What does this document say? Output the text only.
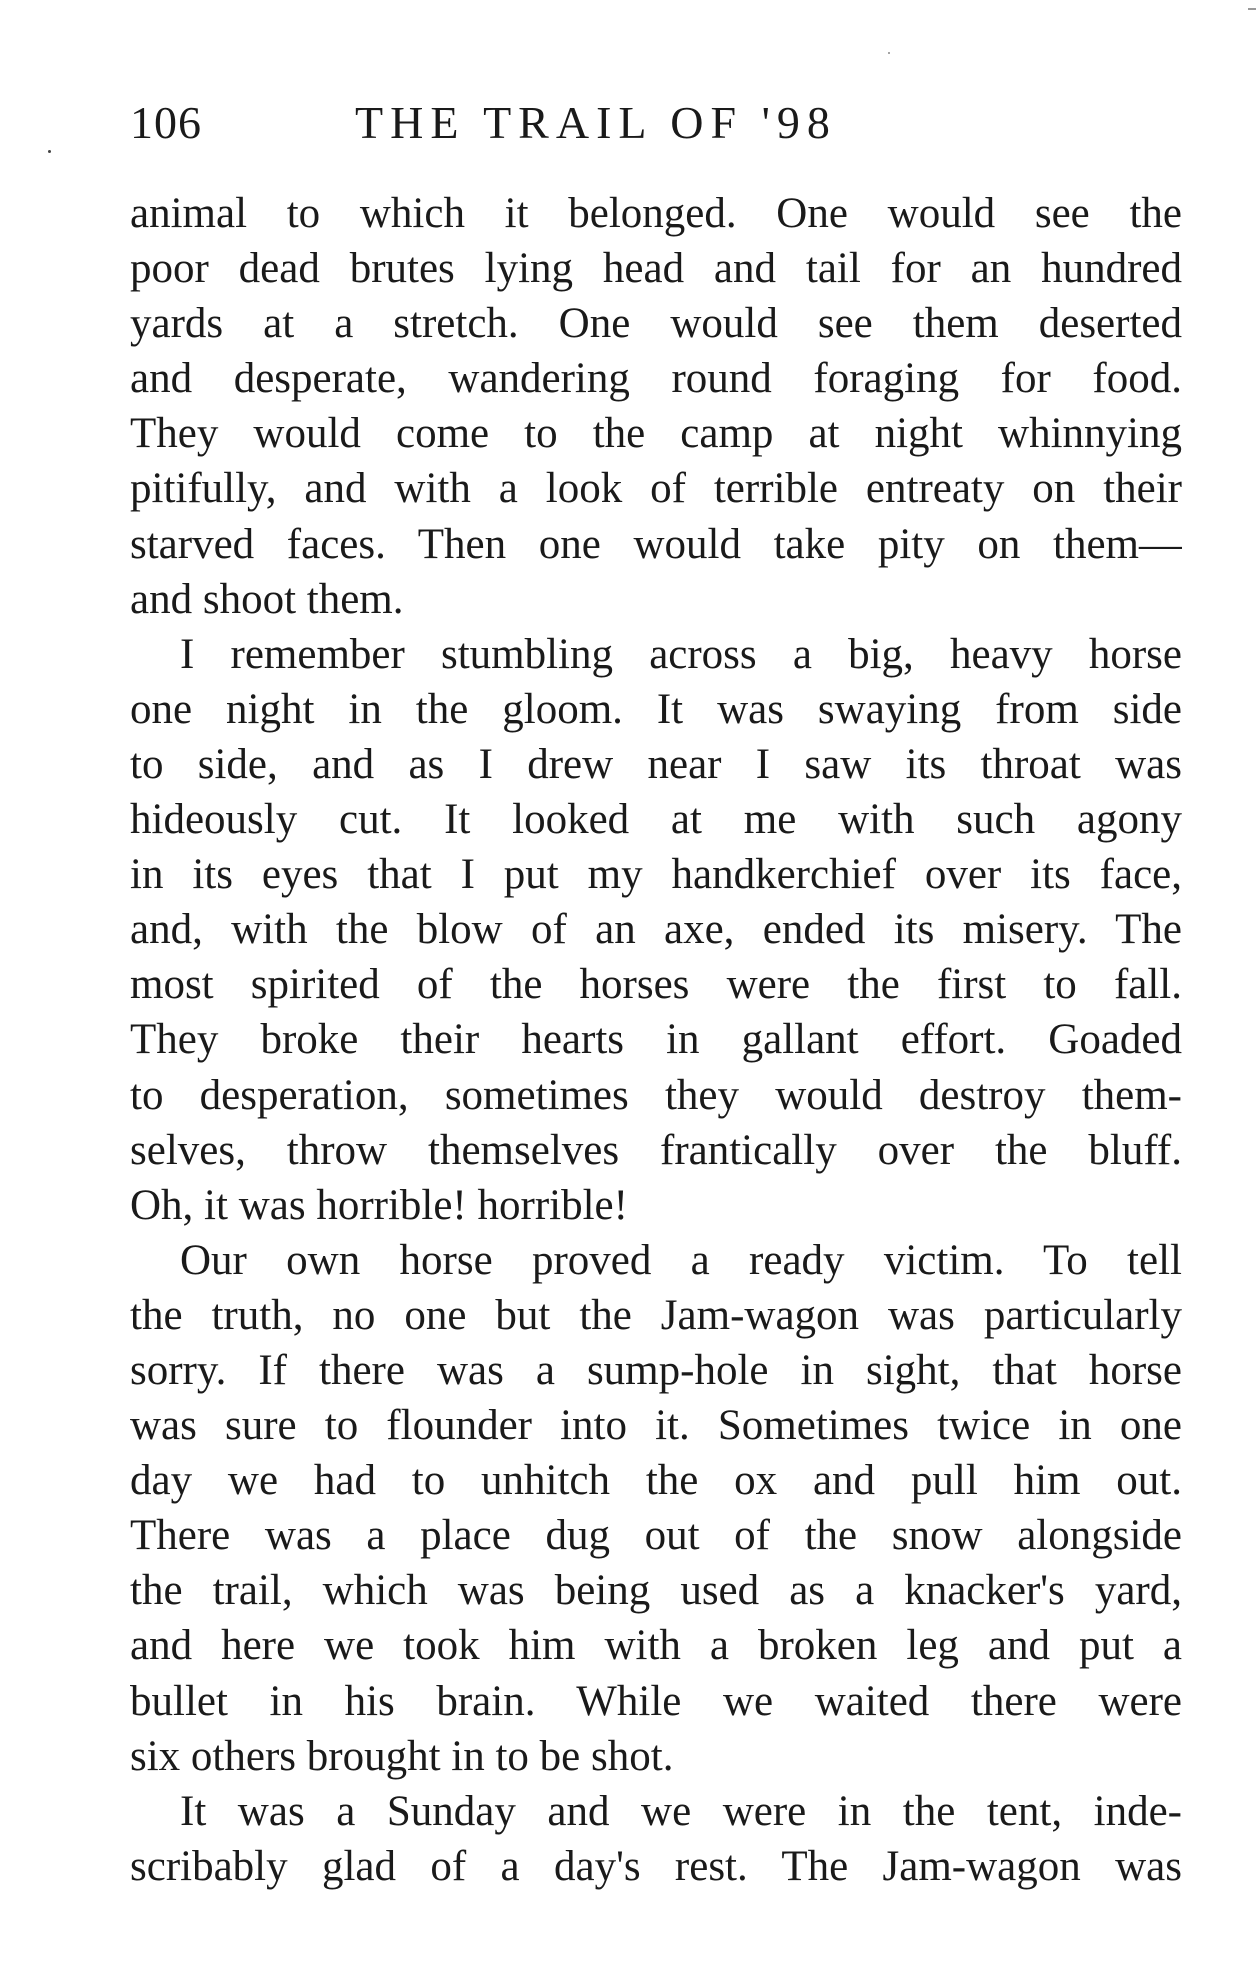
106	THE TRAIL OF '98
animal to which it belonged. One would see the
poor dead brutes lying head and tail for an hundred
yards at a stretch. One would see them deserted
and desperate, wandering round foraging for food.
They would come to the camp at night whinnying
pitifully, and with a look of terrible entreaty on their
starved faces. Then one would take pity on them—
and shoot them.
I remember stumbling across a big, heavy horse
one night in the gloom. It was swaying from side
to side, and as I drew near I saw its throat was
hideously cut. It looked at me with such agony
in its eyes that I put my handkerchief over its face,
and, with the blow of an axe, ended its misery. The
most spirited of the horses were the first to fall.
They broke their hearts in gallant effort. Goaded
to desperation, sometimes they would destroy them-
selves, throw themselves frantically over the bluff.
Oh, it was horrible! horrible!
Our own horse proved a ready victim. To tell
the truth, no one but the Jam-wagon was particularly
sorry. If there was a sump-hole in sight, that horse
was sure to flounder into it. Sometimes twice in one
day we had to unhitch the ox and pull him out.
There was a place dug out of the snow alongside
the trail, which was being used as a knacker's yard,
and here we took him with a broken leg and put a
bullet in his brain. While we waited there were
six others brought in to be shot.
It was a Sunday and we were in the tent, inde-
scribably glad of a day's rest. The Jam-wagon was
